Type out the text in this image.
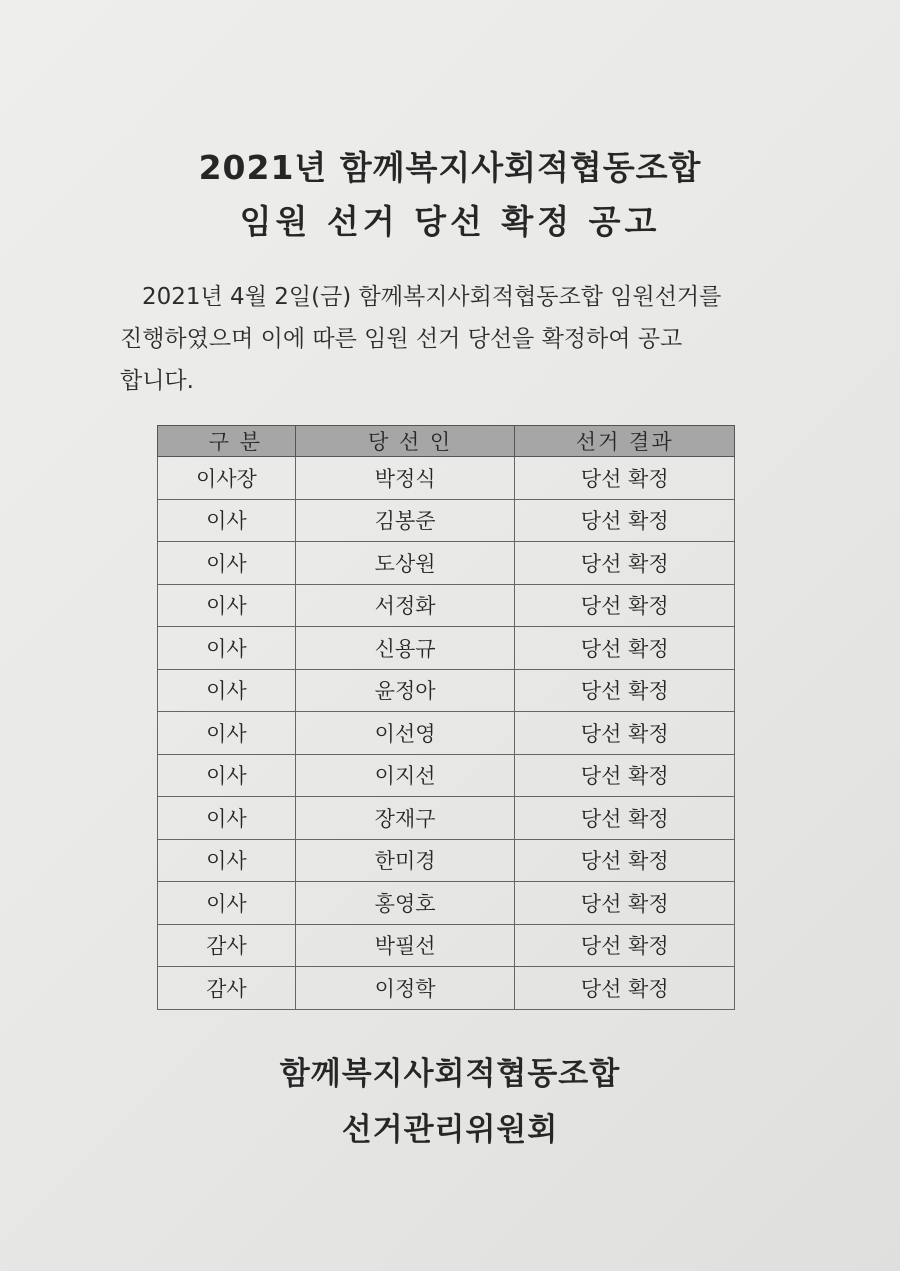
2021년 함께복지사회적협동조합
임원 선거 당선 확정 공고
2021년 4월 2일(금) 함께복지사회적협동조합 임원선거를
진행하였으며 이에 따른 임원 선거 당선을 확정하여 공고
합니다.
구 분	당 선 인	선거 결과
이사장	박정식	당선 확정
이사	김봉준	당선 확정
이사	도상원	당선 확정
이사	서정화	당선 확정
이사	신용규	당선 확정
이사	윤정아	당선 확정
이사	이선영	당선 확정
이사	이지선	당선 확정
이사	장재구	당선 확정
이사	한미경	당선 확정
이사	홍영호	당선 확정
감사	박필선	당선 확정
감사	이정학	당선 확정
함께복지사회적협동조합
선거관리위원회
